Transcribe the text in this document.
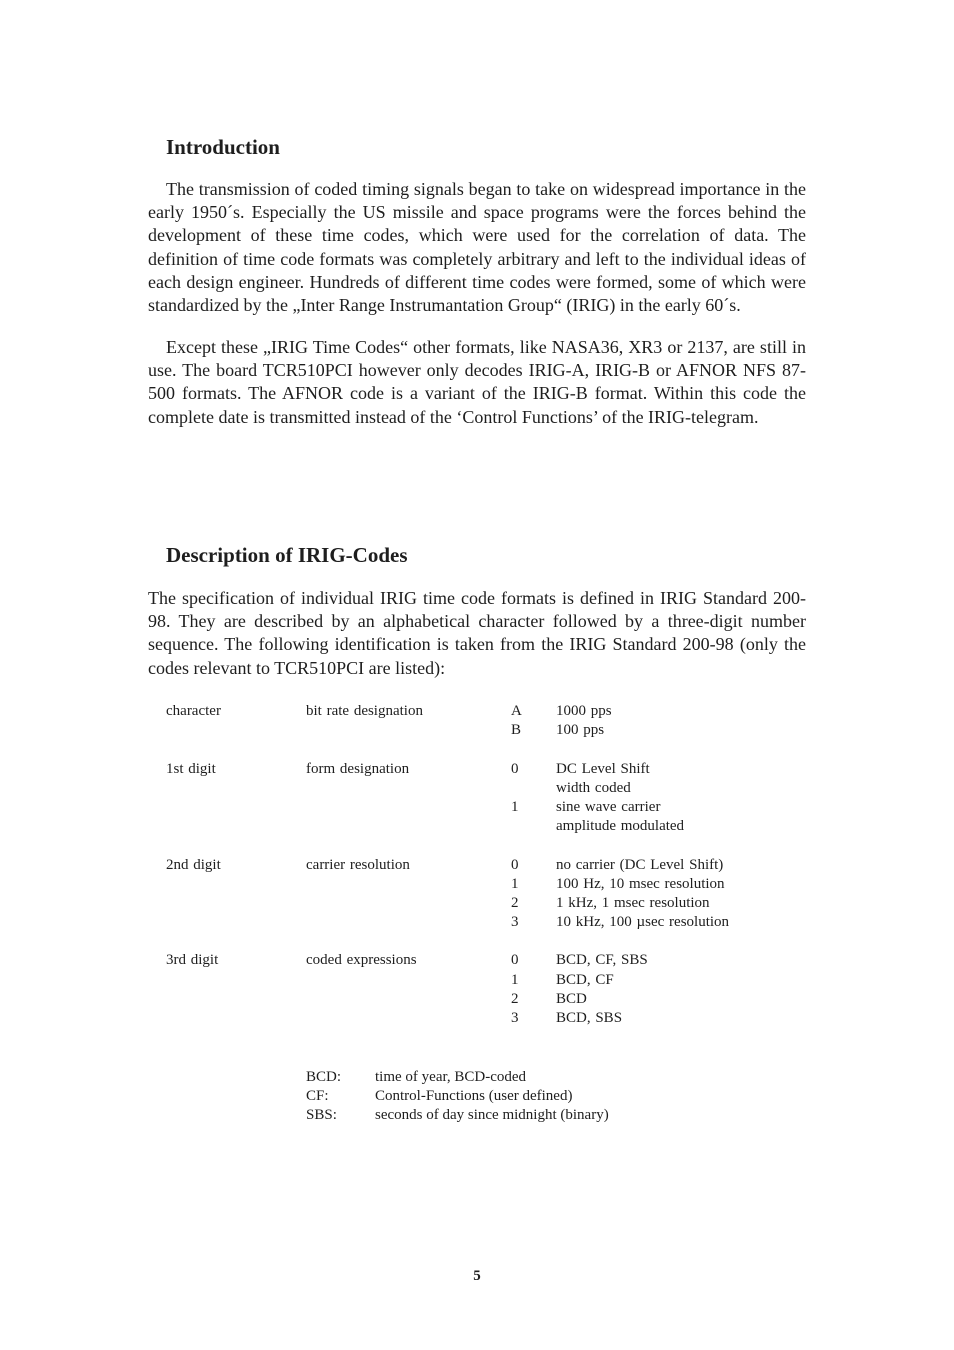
Introduction

The transmission of coded timing signals began to take on widespread importance in the early 1950´s. Especially the US missile and space programs were the forces behind the development of these time codes, which were used for the correlation of data. The definition of time code formats was completely arbitrary and left to the individual ideas of each design engineer. Hundreds of different time codes were formed, some of which were standardized by the „Inter Range Instrumantation Group“ (IRIG) in the early 60´s.

Except these „IRIG Time Codes“ other formats, like NASA36, XR3 or 2137, are still in use. The board TCR510PCI however only decodes IRIG-A, IRIG-B or AFNOR NFS 87-500 formats. The AFNOR code is a variant of the IRIG-B format. Within this code the complete date is transmitted instead of the ‘Control Functions’ of the IRIG-telegram.

Description of IRIG-Codes

The specification of individual IRIG time code formats is defined in IRIG Standard 200-98. They are described by an alphabetical character followed by a three-digit number sequence. The following identification is taken from the IRIG Standard 200-98 (only the codes relevant to TCR510PCI are listed):

character	bit rate designation	A 1000 pps
B 100 pps
1st digit	form designation	0	DC Level Shift
width coded
1	sine wave carrier
amplitude modulated
2nd digit	carrier resolution	0	no carrier (DC Level Shift)
1	100 Hz, 10 msec resolution
2	1 kHz, 1 msec resolution
3	10 kHz, 100 µsec resolution
3rd digit	coded expressions	0	BCD, CF, SBS
1	BCD, CF
2	BCD
3	BCD, SBS
BCD: time of year, BCD-coded
CF:	Control-Functions (user defined)
SBS:	seconds of day since midnight (binary)
5
